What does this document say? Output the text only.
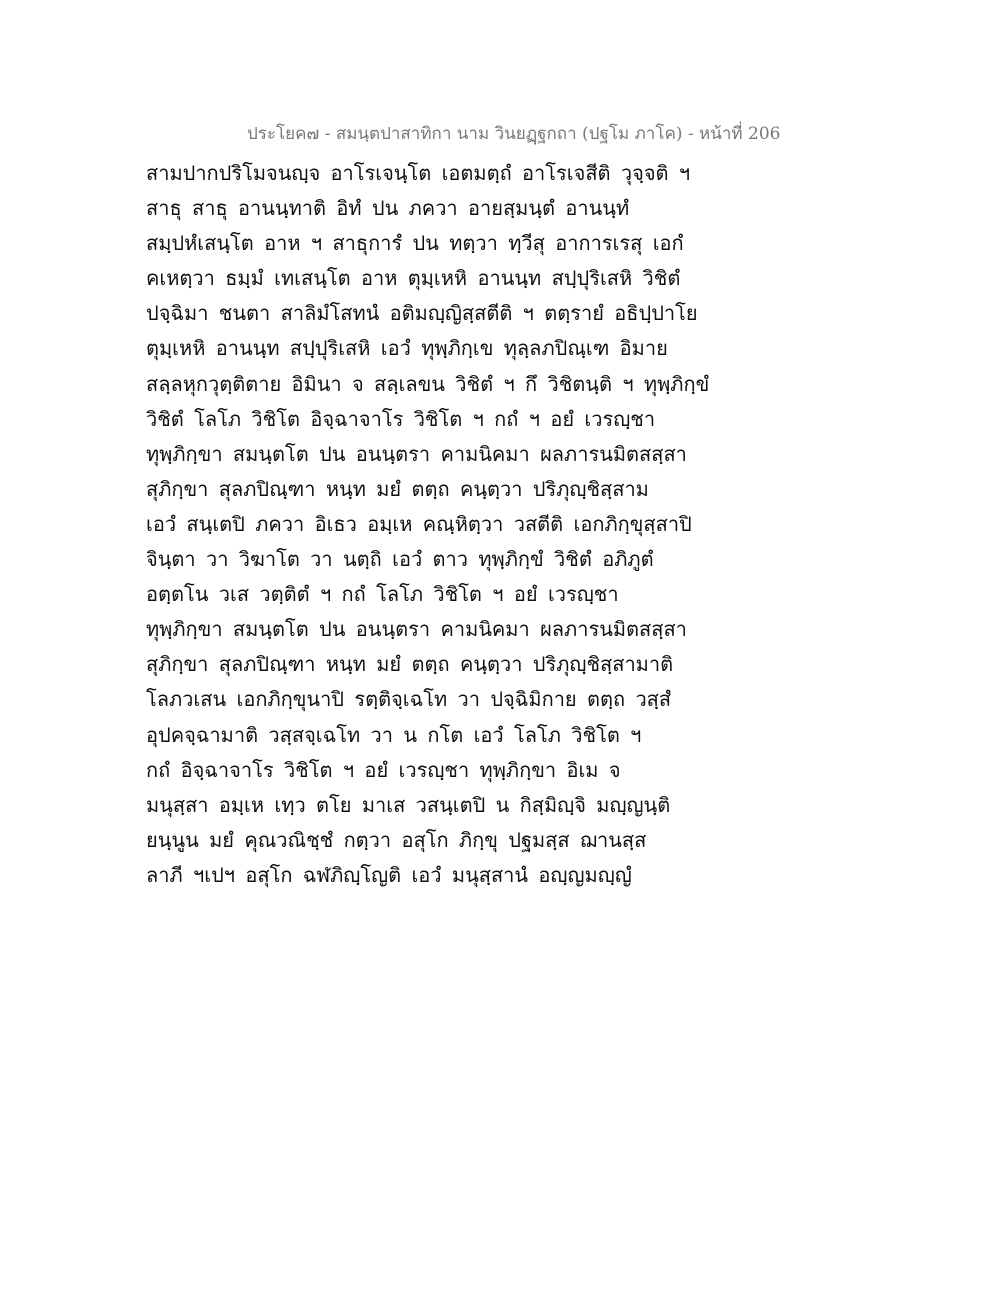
ประโยค๗ - สมนฺตปาสาทิกา นาม วินยฏฺฐกถา (ปฐโม ภาโค) - หน้าที่ 206
สามปากปริโมจนญฺจ อาโรเจนฺโต เอตมตฺถํ อาโรเจสีติ วุจฺจติ ฯ
สาธุ สาธุ อานนฺทาติ อิทํ ปน ภควา อายสฺมนฺตํ อานนฺทํ
สมฺปหํเสนฺโต อาห ฯ สาธุการํ ปน ทตฺวา ทฺวีสุ อาการเรสุ เอกํ
คเหตฺวา ธมฺมํ เทเสนฺโต อาห ตุมฺเหหิ อานนฺท สปฺปุริเสหิ วิชิตํ
ปจฺฉิมา ชนตา สาลิมํโสทนํ อติมญฺญิสฺสตีติ ฯ ตตฺรายํ อธิปฺปาโย
ตุมฺเหหิ อานนฺท สปฺปุริเสหิ เอวํ ทุพฺภิกฺเข ทุลฺลภปิณฺเฑ อิมาย
สลฺลหุกวุตฺติตาย อิมินา จ สลฺเลขน วิชิตํ ฯ กึ วิชิตนฺติ ฯ ทุพฺภิกฺขํ
วิชิตํ โลโภ วิชิโต อิจฺฉาจาโร วิชิโต ฯ กถํ ฯ อยํ เวรญฺชา
ทุพฺภิกฺขา สมนฺตโต ปน อนนฺตรา คามนิคมา ผลภารนมิตสสฺสา
สุภิกฺขา สุลภปิณฺฑา หนฺท มยํ ตตฺถ คนฺตฺวา ปริภุญฺชิสฺสาม
เอวํ สนฺเตปิ ภควา อิเธว อมฺเห คณฺหิตฺวา วสตีติ เอกภิกฺขุสฺสาปิ
จินฺตา วา วิฆาโต วา นตฺถิ เอวํ ตาว ทุพฺภิกฺขํ วิชิตํ อภิภูตํ
อตฺตโน วเส วตฺติตํ ฯ กถํ โลโภ วิชิโต ฯ อยํ เวรญฺชา
ทุพฺภิกฺขา สมนฺตโต ปน อนนฺตรา คามนิคมา ผลภารนมิตสสฺสา
สุภิกฺขา สุลภปิณฺฑา หนฺท มยํ ตตฺถ คนฺตฺวา ปริภุญฺชิสฺสามาติ
โลภวเสน เอกภิกฺขุนาปิ รตฺติจฺเฉโท วา ปจฺฉิมิกาย ตตฺถ วสฺสํ
อุปคจฺฉามาติ วสฺสจฺเฉโท วา น กโต เอวํ โลโภ วิชิโต ฯ
กถํ อิจฺฉาจาโร วิชิโต ฯ อยํ เวรญฺชา ทุพฺภิกฺขา อิเม จ
มนุสฺสา อมฺเห เทฺว ตโย มาเส วสนฺเตปิ น กิสฺมิญฺจิ มญฺญนฺติ
ยนฺนูน มยํ คุณวณิชฺชํ กตฺวา อสุโก ภิกฺขุ ปฐมสฺส ฌานสฺส
ลาภี ฯเปฯ อสุโก ฉฬภิญฺโญติ เอวํ มนุสฺสานํ อญฺญมญฺญํ
